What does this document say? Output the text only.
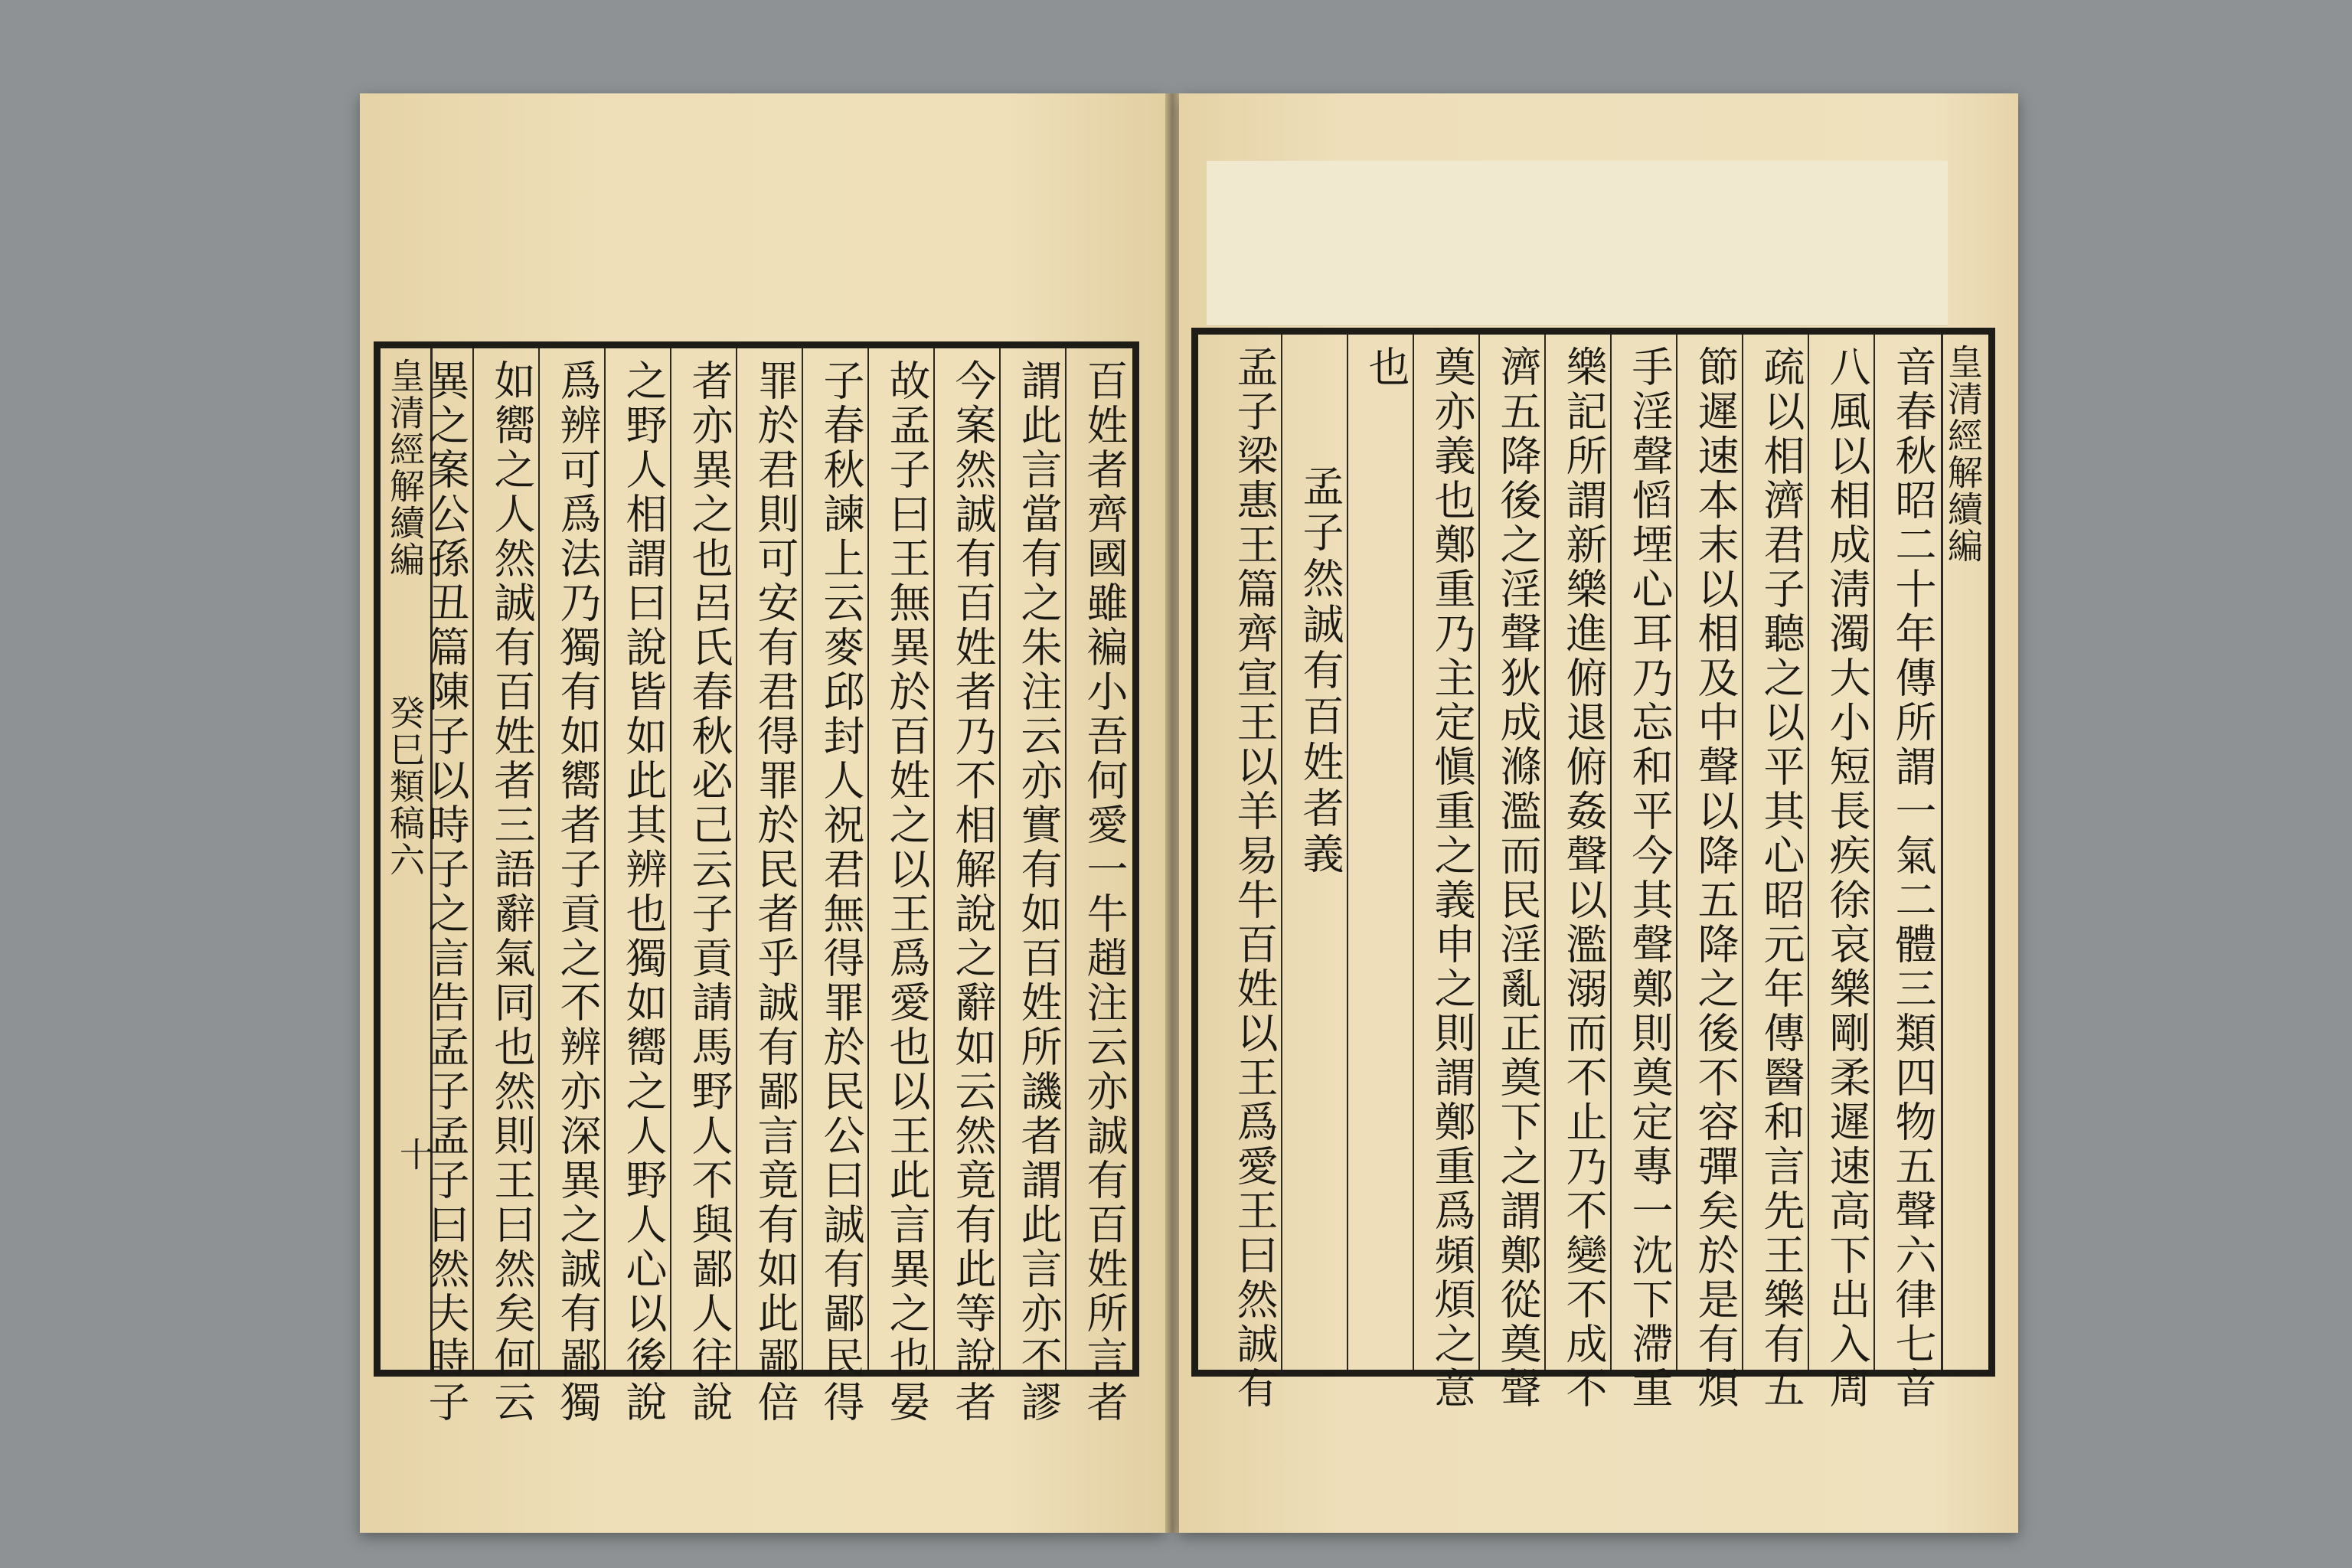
皇清經解續編  癸巳類稿六
十	百姓者齊國雖褊小吾何愛一牛趙注云亦誠有百姓所言者
謂此言當有之朱注云亦實有如百姓所譏者謂此言亦不謬
今案然誠有百姓者乃不相解說之辭如云然竟有此等說者
故孟子曰王無異於百姓之以王爲愛也以王此言異之也晏
子春秋諫上云麥邱封人祝君無得罪於民公曰誠有鄙民得
罪於君則可安有君得罪於民者乎誠有鄙言竟有如此鄙倍
者亦異之也呂氏春秋必己云子貢請馬野人不與鄙人往說
之野人相謂曰說皆如此其辨也獨如嚮之人野人心以後說
爲辨可爲法乃獨有如嚮者子貢之不辨亦深異之誠有鄙獨
如嚮之人然誠有百姓者三語辭氣同也然則王曰然矣何云
異之案公孫丑篇陳子以時子之言告孟子孟子曰然夫時子	皇清經解續編
音春秋昭二十年傳所謂一氣二體三類四物五聲六律七音
八風以相成淸濁大小短長疾徐哀樂剛柔遲速高下出入周
疏以相濟君子聽之以平其心昭元年傳醫和言先王樂有五
節遲速本末以相及中聲以降五降之後不容彈矣於是有煩
手淫聲慆堙心耳乃忘和平今其聲鄭則奠定專一沈下滯重
樂記所謂新樂進俯退俯姦聲以濫溺而不止乃不變不成不
濟五降後之淫聲狄成滌濫而民淫亂正奠下之謂鄭從奠聲
奠亦義也鄭重乃主定愼重之義申之則謂鄭重爲頻煩之意
也
孟子然誠有百姓者義
孟子梁惠王篇齊宣王以羊易牛百姓以王爲愛王曰然誠有
